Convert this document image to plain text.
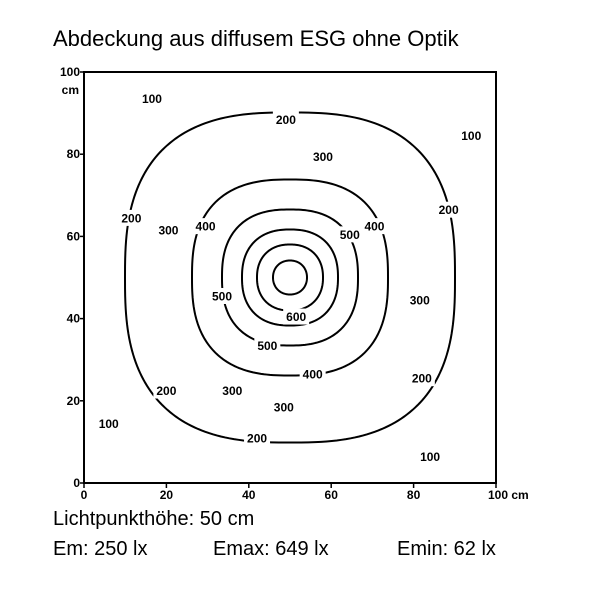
Abdeckung aus diffusem ESG ohne Optik
0	20	40	60	80	100 cm
0
20
40
60
80
100
cm
600
500
500
500
400
400
400
300
300
300
300
300
200
200
200
200
200
200
100
100
100
100
Lichtpunkthöhe: 50 cm
Em: 250 lx	Emax: 649 lx	Emin: 62 lx
